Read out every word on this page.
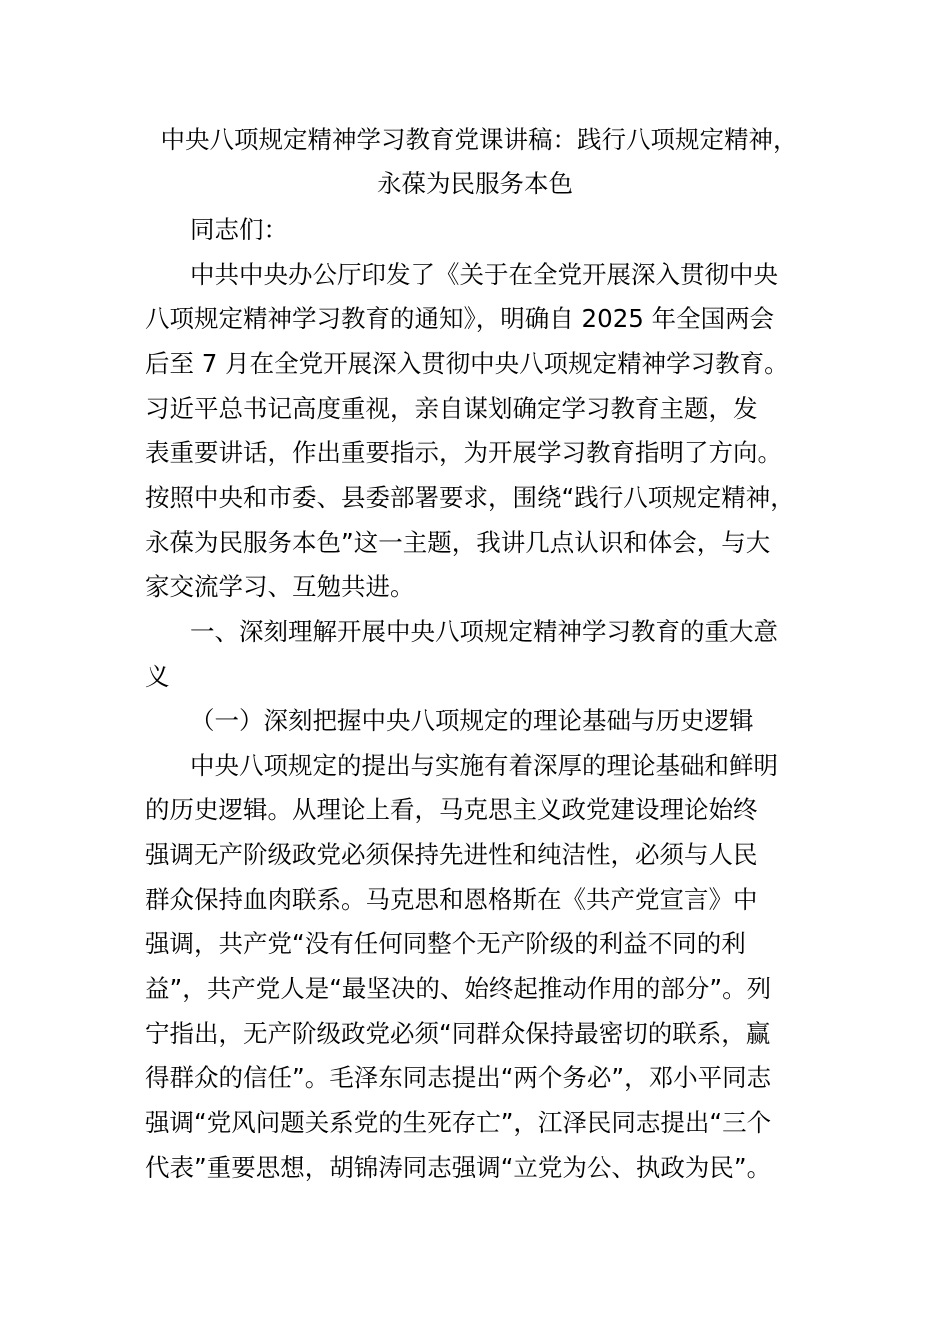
中央八项规定精神学习教育党课讲稿：践行八项规定精神，
永葆为民服务本色
同志们：
中共中央办公厅印发了《关于在全党开展深入贯彻中央
八项规定精神学习教育的通知》，明确自 2025 年全国两会
后至 7 月在全党开展深入贯彻中央八项规定精神学习教育。
习近平总书记高度重视，亲自谋划确定学习教育主题，发
表重要讲话，作出重要指示，为开展学习教育指明了方向。
按照中央和市委、县委部署要求，围绕“践行八项规定精神，
永葆为民服务本色”这一主题，我讲几点认识和体会，与大
家交流学习、互勉共进。
一、深刻理解开展中央八项规定精神学习教育的重大意
义
（一）深刻把握中央八项规定的理论基础与历史逻辑
中央八项规定的提出与实施有着深厚的理论基础和鲜明
的历史逻辑。从理论上看，马克思主义政党建设理论始终
强调无产阶级政党必须保持先进性和纯洁性，必须与人民
群众保持血肉联系。马克思和恩格斯在《共产党宣言》中
强调，共产党“没有任何同整个无产阶级的利益不同的利
益”，共产党人是“最坚决的、始终起推动作用的部分”。列
宁指出，无产阶级政党必须“同群众保持最密切的联系，赢
得群众的信任”。毛泽东同志提出“两个务必”，邓小平同志
强调“党风问题关系党的生死存亡”，江泽民同志提出“三个
代表”重要思想，胡锦涛同志强调“立党为公、执政为民”。
